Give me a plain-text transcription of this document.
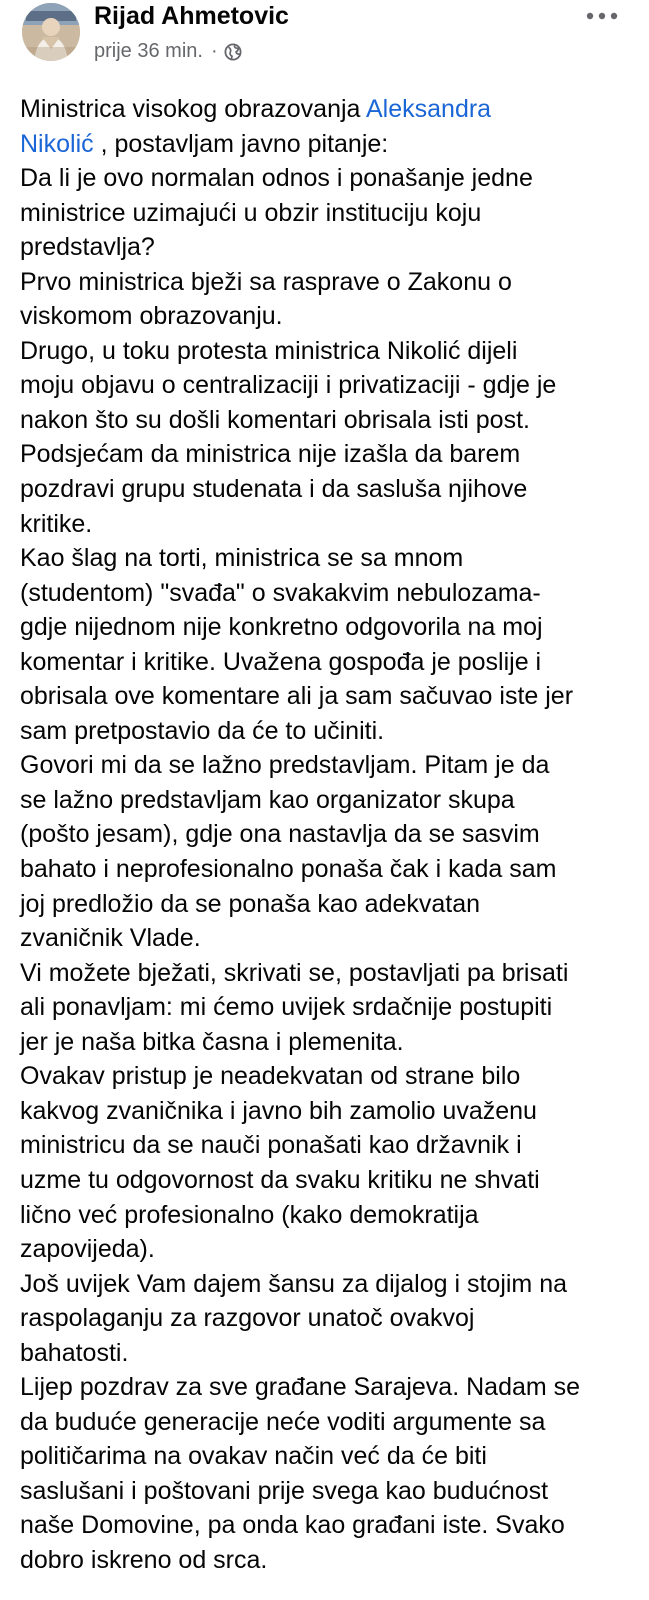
Rijad Ahmetovic
prije 36 min. ·

Ministrica visokog obrazovanja Aleksandra

Nikolić , postavljam javno pitanje:

Da li je ovo normalan odnos i ponašanje jedne

ministrice uzimajući u obzir instituciju koju

predstavlja?

Prvo ministrica bježi sa rasprave o Zakonu o

viskomom obrazovanju.

Drugo, u toku protesta ministrica Nikolić dijeli

moju objavu o centralizaciji i privatizaciji - gdje je

nakon što su došli komentari obrisala isti post.

Podsjećam da ministrica nije izašla da barem

pozdravi grupu studenata i da sasluša njihove

kritike.

Kao šlag na torti, ministrica se sa mnom

(studentom) "svađa" o svakakvim nebulozama-

gdje nijednom nije konkretno odgovorila na moj

komentar i kritike. Uvažena gospođa je poslije i

obrisala ove komentare ali ja sam sačuvao iste jer

sam pretpostavio da će to učiniti.

Govori mi da se lažno predstavljam. Pitam je da

se lažno predstavljam kao organizator skupa

(pošto jesam), gdje ona nastavlja da se sasvim

bahato i neprofesionalno ponaša čak i kada sam

joj predložio da se ponaša kao adekvatan

zvaničnik Vlade.

Vi možete bježati, skrivati se, postavljati pa brisati

ali ponavljam: mi ćemo uvijek srdačnije postupiti

jer je naša bitka časna i plemenita.

Ovakav pristup je neadekvatan od strane bilo

kakvog zvaničnika i javno bih zamolio uvaženu

ministricu da se nauči ponašati kao državnik i

uzme tu odgovornost da svaku kritiku ne shvati

lično već profesionalno (kako demokratija

zapovijeda).

Još uvijek Vam dajem šansu za dijalog i stojim na

raspolaganju za razgovor unatoč ovakvoj

bahatosti.

Lijep pozdrav za sve građane Sarajeva. Nadam se

da buduće generacije neće voditi argumente sa

političarima na ovakav način već da će biti

saslušani i poštovani prije svega kao budućnost

naše Domovine, pa onda kao građani iste. Svako

dobro iskreno od srca.
